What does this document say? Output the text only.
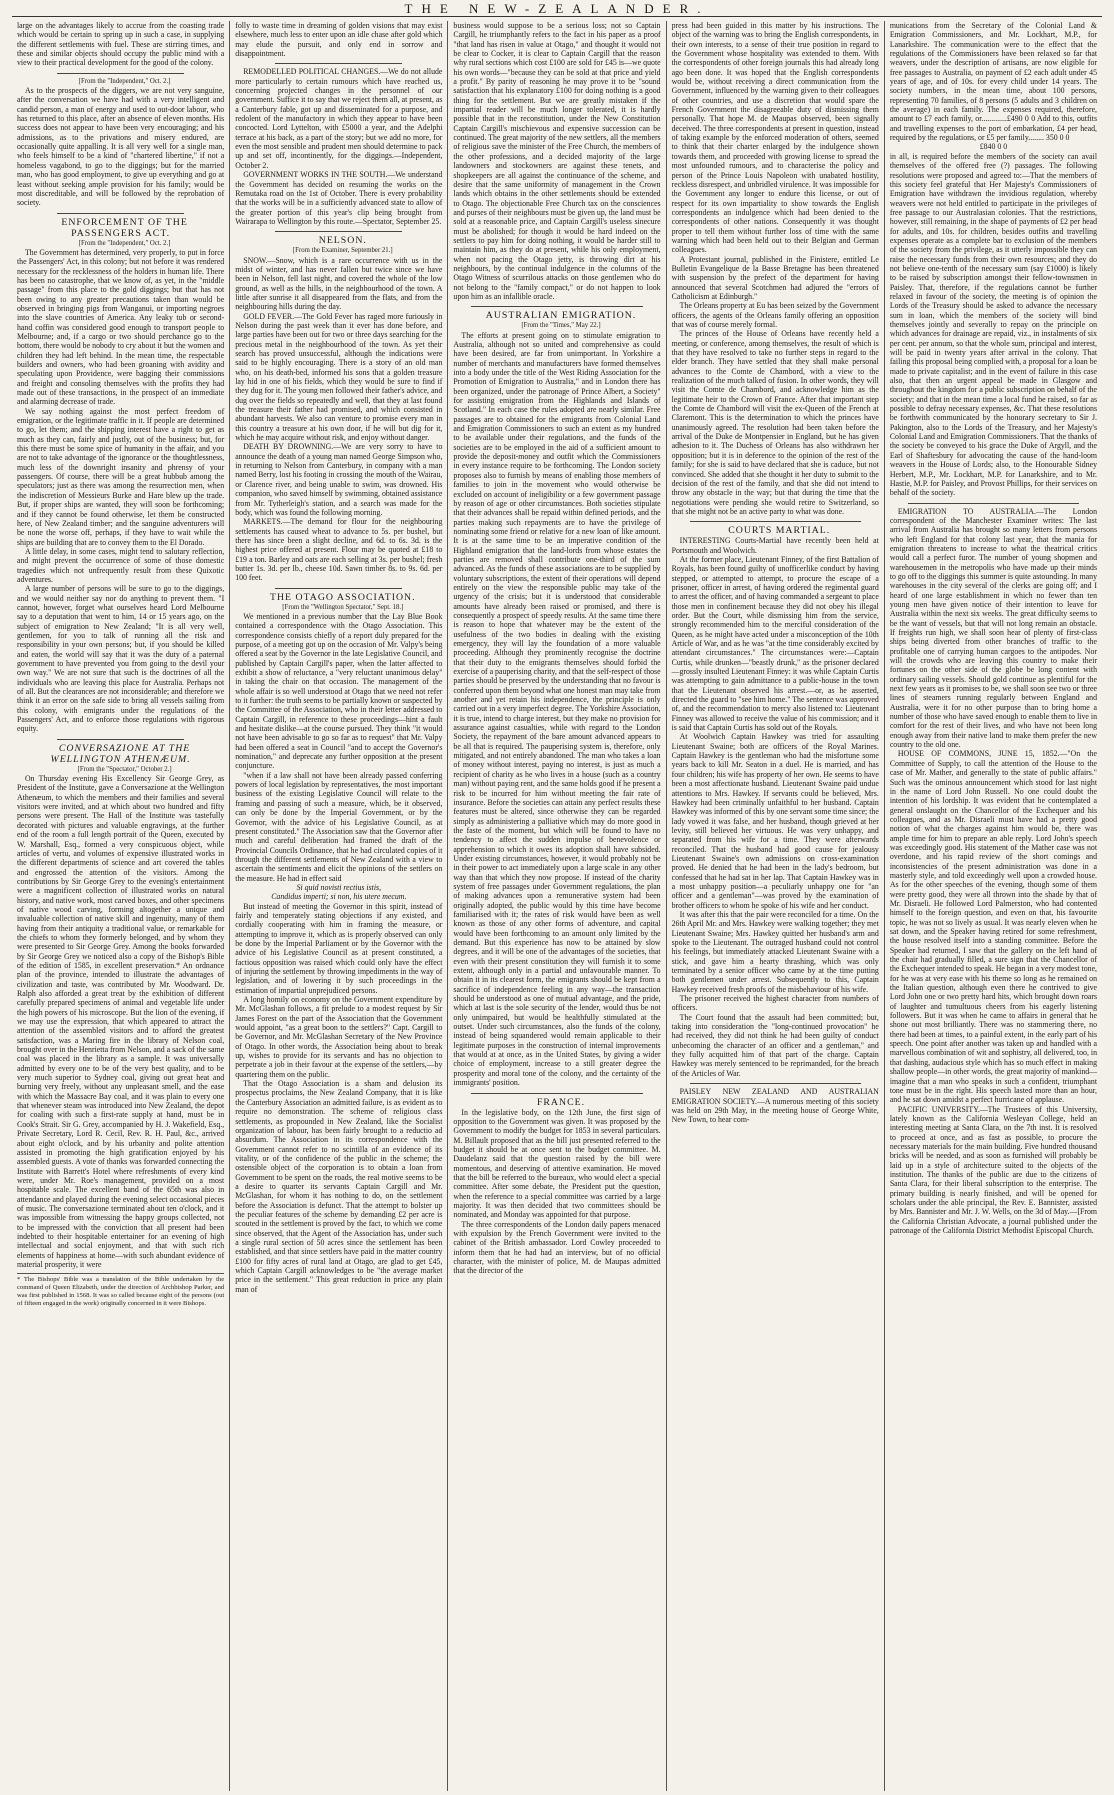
THE NEW-ZEALANDER.

large on the advantages likely to accrue from the coasting trade which would be certain to spring up in such a case, in supplying the different settlements with fuel. These are stirring times, and these and similar objects should occupy the public mind with a view to their practical development for the good of the colony.

[From the "Independent," Oct. 2.]

As to the prospects of the diggers, we are not very sanguine, after the conversation we have had with a very intelligent and candid person, a man of energy and used to out-door labour, who has returned to this place, after an absence of eleven months. His success does not appear to have been very encouraging; and his admissions, as to the privations and misery endured, are occasionally quite appalling. It is all very well for a single man, who feels himself to be a kind of "chartered libertine," if not a homeless vagabond, to go to the diggings; but for the married man, who has good employment, to give up everything and go at least without seeking ample provision for his family; would be most discreditable, and will be followed by the reprobation of society.

ENFORCEMENT OF THE PASSENGERS ACT.

[From the "Independent," Oct. 2.]

The Government has determined, very properly, to put in force the Passengers' Act, in this colony; but not before it was rendered necessary for the recklessness of the holders in human life. There has been no catastrophe, that we know of, as yet, in the "middle passage" from this place to the gold diggings; but that has not been owing to any greater precautions taken than would be observed in bringing pigs from Wanganui, or importing negroes into the slave countries of America. Any leaky tub or second-hand coffin was considered good enough to transport people to Melbourne; and, if a cargo or two should perchance go to the bottom, there would be nobody to cry about it but the women and children they had left behind. In the mean time, the respectable builders and owners, who had been groaning with avidity and speculating upon Providence, were bagging their commissions and freight and consoling themselves with the profits they had made out of these transactions, in the prospect of an immediate and alarming decrease of trade.

We say nothing against the most perfect freedom of emigration, or the legitimate traffic in it. If people are determined to go, let them; and the shipping interest have a right to get as much as they can, fairly and justly, out of the business; but, for this there must be some spice of humanity in the affair, and you are not to take advantage of the ignorance or the thoughtlessness, much less of the downright insanity and phrensy of your passengers. Of course, there will be a great hubbub among the speculators; just as there was among the resurrection men, when the indiscretion of Messieurs Burke and Hare blew up the trade. But, if proper ships are wanted, they will soon be forthcoming; and if they cannot be found otherwise, let them be constructed here, of New Zealand timber; and the sanguine adventurers will be none the worse off, perhaps, if they have to wait while the ships are building that are to convey them to the El Dorado.

A little delay, in some cases, might tend to salutary reflection, and might prevent the occurrence of some of those domestic tragedies which not unfrequently result from these Quixotic adventures.

A large number of persons will be sure to go to the diggings, and we would neither say nor do anything to prevent them. "I cannot, however, forget what ourselves heard Lord Melbourne say to a deputation that went to him, 14 or 15 years ago, on the subject of emigration to New Zealand; "It is all very well, gentlemen, for you to talk of running all the risk and responsibility in your own persons; but, if you should be killed and eaten, the world will say that it was the duty of a paternal government to have prevented you from going to the devil your own way." We are not sure that such is the doctrines of all the individuals who are leaving this place for Australia. Perhaps not of all. But the clearances are not inconsiderable; and therefore we think it an error on the safe side to bring all vessels sailing from this colony, with emigrants under the regulations of the Passengers' Act, and to enforce those regulations with rigorous equity.

CONVERSAZIONE AT THE WELLINGTON ATHENÆUM.

[From the "Spectator," October 2.]

On Thursday evening His Excellency Sir George Grey, as President of the Institute, gave a Conversazione at the Wellington Athenæum, to which the members and their families and several visitors were invited, and at which about two hundred and fifty persons were present. The Hall of the Institute was tastefully decorated with pictures and valuable engravings, at the further end of the room a full length portrait of the Queen, executed by W. Marshall, Esq., formed a very conspicuous object, while articles of vertu, and volumes of expensive illustrated works in the different departments of science and art covered the tables and engrossed the attention of the visitors. Among the contributions by Sir George Grey to the evening's entertainment were a magnificent collection of illustrated works on natural history, and native work, most carved boxes, and other specimens of native wood carving, forming altogether a unique and invaluable collection of native skill and ingenuity, many of them having from their antiquity a traditional value, or remarkable for the chiefs to whom they formerly belonged, and by whom they were presented to Sir George Grey. Among the books forwarded by Sir George Grey we noticed also a copy of the Bishop's Bible of the edition of 1585, in excellent preservation.* An ordnance plan of the province, intended to illustrate the advantages of civilization and taste, was contributed by Mr. Woodward. Dr. Ralph also afforded a great treat by the exhibition of different carefully prepared specimens of animal and vegetable life under the high powers of his microscope. But the lion of the evening, if we may use the expression, that which appeared to attract the attention of the assembled visitors and to afford the greatest satisfaction, was a Maring fire in the library of Nelson coal, brought over in the Henrietta from Nelson, and a sack of the same coal was placed in the library as a sample. It was universally admitted by every one to be of the very best quality, and to be very much superior to Sydney coal, giving out great heat and burning very freely, without any unpleasant smell, and the ease with which the Massacre Bay coal, and it was plain to every one that whenever steam was introduced into New Zealand, the depot for coaling with such a first-rate supply at hand, must be in Cook's Strait. Sir G. Grey, accompanied by H. J. Wakefield, Esq., Private Secretary, Lord R. Cecil, Rev. R. H. Paul, &c., arrived about eight o'clock, and by his urbanity and polite attention assisted in promoting the high gratification enjoyed by his assembled guests. A vote of thanks was forwarded connecting the Institute with Barrett's Hotel where refreshments of every kind were, under Mr. Roe's management, provided on a most hospitable scale. The excellent band of the 65th was also in attendance and played during the evening select occasional pieces of music. The conversazione terminated about ten o'clock, and it was impossible from witnessing the happy groups collected, not to be impressed with the conviction that all present had been indebted to their hospitable entertainer for an evening of high intellectual and social enjoyment, and that with such rich elements of happiness at home—with such abundant evidence of material prosperity, it were

* The Bishops' Bible was a translation of the Bible undertaken by the command of Queen Elizabeth, under the direction of Archbishop Parker, and was first published in 1568. It was so called because eight of the persons (out of fifteen engaged in the work) originally concerned in it were Bishops.

folly to waste time in dreaming of golden visions that may exist elsewhere, much less to enter upon an idle chase after gold which may elude the pursuit, and only end in sorrow and disappointment.

REMODELLED POLITICAL CHANGES.—We do not allude more particularly to certain rumours which have reached us, concerning projected changes in the personnel of our government. Suffice it to say that we reject them all, at present, as a Canterbury fable, got up and disseminated for a purpose, and redolent of the manufactory in which they appear to have been concocted. Lord Lyttelton, with £5000 a year, and the Adelphi terrace at his back, as a part of the story; but we add no more, for even the most sensible and prudent men should determine to pack up and set off, incontinently, for the diggings.—Independent, October 2.

GOVERNMENT WORKS IN THE SOUTH.—We understand the Government has decided on resuming the works on the Remutaka road on the 1st of October. There is every probability that the works will be in a sufficiently advanced state to allow of the greater portion of this year's clip being brought from Wairarapa to Wellington by this route.—Spectator, September 25.

NELSON.

[From the Examiner, September 21.]

SNOW.—Snow, which is a rare occurrence with us in the midst of winter, and has never fallen but twice since we have been in Nelson, fell last night, and covered the whole of the low ground, as well as the hills, in the neighbourhood of the town. A little after sunrise it all disappeared from the flats, and from the neighbouring hills during the day.

GOLD FEVER.—The Gold Fever has raged more furiously in Nelson during the past week than it ever has done before, and large parties have been out for two or three days searching for the precious metal in the neighbourhood of the town. As yet their search has proved unsuccessful, although the indications were said to be highly encouraging. There is a story of an old man who, on his death-bed, informed his sons that a golden treasure lay hid in one of his fields, which they would be sure to find if they dug for it. The young men followed their father's advice, and dug over the fields so repeatedly and well, that they at last found the treasure their father had promised, and which consisted in abundant harvests. We also can venture to promise every man in this country a treasure at his own door, if he will but dig for it, which he may acquire without risk, and enjoy without danger.

DEATH BY DROWNING.—We are very sorry to have to announce the death of a young man named George Simpson who, in returning to Nelson from Canterbury, in company with a man named Berry, lost his footing in crossing the mouth of the Wairau, or Clarence river, and being unable to swim, was drowned. His companion, who saved himself by swimming, obtained assistance from Mr. Tytherleigh's station, and a search was made for the body, which was found the following morning.

MARKETS.—The demand for flour for the neighbouring settlements has caused wheat to advance to 5s. per bushel, but there has since been a slight decline, and 6d. to 6s. 3d. is the highest price offered at present. Flour may be quoted at £18 to £19 a ton. Barley and oats are each selling at 3s. per bushel; fresh butter 1s. 3d. per lb., cheese 10d. Sawn timber 8s. to 9s. 6d. per 100 feet.

THE OTAGO ASSOCIATION.

[From the "Wellington Spectator," Sept. 18.]

We mentioned in a previous number that the Lay Blue Book contained a correspondence with the Otago Association. This correspondence consists chiefly of a report duly prepared for the purpose, of a meeting got up on the occasion of Mr. Valpy's being offered a seat by the Governor in the late Legislative Council, and published by Captain Cargill's paper, when the latter affected to exhibit a show of reluctance, a "very reluctant unanimous delay" in taking the chair on that occasion. The management of the whole affair is so well understood at Otago that we need not refer to it further: the truth seems to be partially known or suspected by the Committee of the Association, who in their letter addressed to Captain Cargill, in reference to these proceedings—hint a fault and hesitate dislike—at the course pursued. They think "it would not have been advisable to go so far as to request" that Mr. Valpy had been offered a seat in Council "and to accept the Governor's nomination," and deprecate any further opposition at the present conjuncture.

"when if a law shall not have been already passed conferring powers of local legislation by representatives, the most important business of the existing Legislative Council will relate to the framing and passing of such a measure, which, be it observed, can only be done by the Imperial Government, or by the Governor, with the advice of his Legislative Council, as at present constituted." The Association saw that the Governor after much and careful deliberation had framed the draft of the Provincial Councils Ordinance, that he had circulated copies of it through the different settlements of New Zealand with a view to ascertain the sentiments and elicit the opinions of the settlers on the measure. He had in effect said

Si quid novisti rectius istis,

Candidus imperti; si non, his utere mecum.

But instead of meeting the Governor in this spirit, instead of fairly and temperately stating objections if any existed, and cordially cooperating with him in framing the measure, or attempting to improve it, which as is properly observed can only be done by the Imperial Parliament or by the Governor with the advice of his Legislative Council as at present constituted, a factious opposition was raised which could only have the effect of injuring the settlement by throwing impediments in the way of legislation, and of lowering it by such proceedings in the estimation of impartial unprejudiced persons.

A long homily on economy on the Government expenditure by Mr. McGlashan follows, a fit prelude to a modest request by Sir James Forest on the part of the Association that the Government would appoint, "as a great boon to the settlers?" Capt. Cargill to be Governor, and Mr. McGlashan Secretary of the New Province of Otago. In other words, the Association being about to break up, wishes to provide for its servants and has no objection to perpetrate a job in their favour at the expense of the settlers,—by quartering them on the public.

That the Otago Association is a sham and delusion its prospectus proclaims, the New Zealand Company, that it is like the Canterbury Association an admitted failure, is as evident as to require no demonstration. The scheme of religious class settlements, as propounded in New Zealand, like the Socialist organization of labour, has been fairly brought to a reductio ad absurdum. The Association in its correspondence with the Government cannot refer to no scintilla of an evidence of its vitality, or of the confidence of the public in the scheme; the ostensible object of the corporation is to obtain a loan from Government to be spent on the roads, the real motive seems to be a desire to quarter its servants Captain Cargill and Mr. McGlashan, for whom it has nothing to do, on the settlement before the Association is defunct. That the attempt to bolster up the peculiar features of the scheme by demanding £2 per acre is scouted in the settlement is proved by the fact, to which we come since observed, that the Agent of the Association has, under such a single rural section of 50 acres since the settlement has been established, and that since settlers have paid in the matter country £100 for fifty acres of rural land at Otago, are glad to get £45, which Captain Cargill acknowledges to be "the average market price in the settlement." This great reduction in price any plain man of

business would suppose to be a serious loss; not so Captain Cargill, he triumphantly refers to the fact in his paper as a proof "that land has risen in value at Otago," and thought it would not be clear to Cocker, it is clear to Captain Cargill that the reason why rural sections which cost £100 are sold for £45 is—we quote his own words—"because they can be sold at that price and yield a profit." By parity of reasoning he may prove it to be "sound satisfaction that his explanatory £100 for doing nothing is a good thing for the settlement. But we are greatly mistaken if the impartial reader will be much longer tolerated, it is hardly possible that in the reconstitution, under the New Constitution Captain Cargill's mischievous and expensive succession can be continued. The great majority of the new settlers, all the members of religious save the minister of the Free Church, the members of the other professions, and a decided majority of the large landowners and stockowners are against these tenets, and shopkeepers are all against the continuance of the scheme, and desire that the same uniformity of management in the Crown lands which obtains in the other settlements should be extended to Otago. The objectionable Free Church tax on the consciences and purses of their neighbours must be given up, the land must be sold at a reasonable price, and Captain Cargill's useless sinecure must be abolished; for though it would be hard indeed on the settlers to pay him for doing nothing, it would be harder still to maintain him, as they do at present, while his only employment, when not pacing the Otago jetty, is throwing dirt at his neighbours, by the continual indulgence in the columns of the Otago Witness of scurrilous attacks on those gentlemen who do not belong to the "family compact," or do not happen to look upon him as an infallible oracle.

AUSTRALIAN EMIGRATION.

[From the "Times," May 22.]

The efforts at present going on to stimulate emigration to Australia, although not so united and comprehensive as could have been desired, are far from unimportant. In Yorkshire a number of merchants and manufacturers have formed themselves into a body under the title of the West Riding Association for the Promotion of Emigration to Australia," and in London there has been organized, under the patronage of Prince Albert, a Society" for assisting emigration from the Highlands and Islands of Scotland." In each case the rules adopted are nearly similar. Free passages are to obtained for the emigrants from Colonial Land and Emigration Commissioners to such an extent as my hundred to be available under their regulations, and the funds of the societies are to be employed in the aid of a sufficient amount to provide the deposit-money and outfit which the Commissioners in every instance require to be forthcoming. The London society proposes also to furnish by means of enabling those members of families to join in the movement who would otherwise be excluded on account of ineligibility or a few government passage by reason of age or other circumstances. Both societies stipulate that their advances shall be repaid within defined periods, and the parties making such repayments are to have the privilege of nominating some friend or relative for a new loan of like amount. It is at the same time to be an imperative condition of the Highland emigration that the land-lords from whose estates the parties are removed shall contribute one-third of the sum advanced. As the funds of these associations are to be supplied by voluntary subscriptions, the extent of their operations will depend entirely on the view the responsible public may take of the urgency of the crisis; but it is understood that considerable amounts have already been raised or promised, and there is consequently a prospect of speedy results. At the same time there is reason to hope that whatever may be the extent of the usefulness of the two bodies in dealing with the existing emergency, they will lay the foundation of a more valuable proceeding. Although they prominently recognise the doctrine that their duty to the emigrants themselves should forbid the exercise of a pauperising charity, and that the self-respect of those parties should be preserved by the understanding that no favour is conferred upon them beyond what one honest man may take from another and yet retain his independence, the principle is only carried out in a very imperfect degree. The Yorkshire Association, it is true, intend to charge interest, but they make no provision for assurance against casualties, while with regard to the London Society, the repayment of the bare amount advanced appears to be all that is required. The pauperising system is, therefore, only mitigated, and not entirely abandoned. The man who takes a loan of money without interest, paying no interest, is just as much a recipient of charity as he who lives in a house (such as a country man) without paying rent, and the same holds good if he present a risk to be incurred for him without meeting the fair rate of insurance. Before the societies can attain any perfect results these features must be altered, since otherwise they can be regarded simply as administering a palliative which may do more good in the faste of the moment, but which will be found to have no tendency to affect the sudden impulse of benevolence or apprehension to which it owes its adoption shall have subsided. Under existing circumstances, however, it would probably not be in their power to act immediately upon a large scale in any other way than that which they now propose. If instead of the charity system of free passages under Government regulations, the plan of making advances upon a remunerative system had been originally adopted, the public would by this time have become familiarised with it; the rates of risk would have been as well known as those of any other forms of adventure, and capital would have been forthcoming to an amount only limited by the demand. But this experience has now to be attained by slow degrees, and it will be one of the advantages of the societies, that even with their present constitution they will furnish it to some extent, although only in a partial and unfavourable manner. To obtain it in its clearest form, the emigrants should be kept from a sacrifice of independence feeling in any way—the transaction should be understood as one of mutual advantage, and the pride, which at last is the sole security of the lender, would thus be not only unimpaired, but would be healthfully stimulated at the outset. Under such circumstances, also the funds of the colony, instead of being squandered would remain applicable to their legitimate purposes in the construction of internal improvements that would at at once, as in the United States, by giving a wider choice of employment, increase to a still greater degree the prosperity and moral tone of the colony, and the certainty of the immigrants' position.

FRANCE.

In the legislative body, on the 12th June, the first sign of opposition to the Government was given. It was proposed by the Government to modify the budget for 1853 in several particulars. M. Billault proposed that as the bill just presented referred to the budget it should be at once sent to the budget committee. M. Daudelanz said that the question raised by the bill were momentous, and deserving of attentive examination. He moved that the bill be referred to the bureaux, who would elect a special committee. After some debate, the President put the question, when the reference to a special committee was carried by a large majority. It was then decided that two committees should be nominated, and Monday was appointed for that purpose.

The three correspondents of the London daily papers menaced with expulsion by the French Government were invited to the cabinet of the British ambassador. Lord Cowley proceeded to inform them that he had had an interview, but of no official character, with the minister of police, M. de Maupas admitted that the director of the

press had been guided in this matter by his instructions. The object of the warning was to bring the English correspondents, in their own interests, to a sense of their true position in regard to the Government whose hospitality was extended to them. With the correspondents of other foreign journals this had already long ago been done. It was hoped that the English correspondents would be, without receiving a direct communication from the Government, influenced by the warning given to their colleagues of other countries, and use a discretion that would spare the French Government the disagreeable duty of dismissing them personally. That hope M. de Maupas observed, been signally deceived. The three correspondents at present in question, instead of taking example by the enforced moderation of others, seemed to think that their charter enlarged by the indulgence shown towards them, and proceeded with growing license to spread the most unfounded rumours, and to characterise the policy and person of the Prince Louis Napoleon with unabated hostility, reckless disrespect, and unbridled virulence. It was impossible for the Government any longer to endure this license, or out of respect for its own impartiality to show towards the English correspondents an indulgence which had been denied to the correspondents of other nations. Consequently it was thought proper to tell them without further loss of time with the same warning which had been held out to their Belgian and German colleagues.

A Protestant journal, published in the Finistere, entitled Le Bulletin Evangelique de la Basse Bretagne has been threatened with suspension by the prefect of the department for having announced that several Scotchmen had adjured the "errors of Catholicism at Edinburgh."

The Orleans property at Eu has been seized by the Government officers, the agents of the Orleans family offering an opposition that was of course merely formal.

The princes of the House of Orleans have recently held a meeting, or conference, among themselves, the result of which is that they have resolved to take no further steps in regard to the elder branch. They have settled that they shall make personal advances to the Comte de Chambord, with a view to the realization of the much talked of fusion. In other words, they will visit the Comte de Chambord, and acknowledge him as the legitimate heir to the Crown of France. After that important step the Comte de Chambord will visit the ex-Queen of the French at Claremont. This is the determination to which the princes have unanimously agreed. The resolution had been taken before the arrival of the Duke de Montpensier in England, but he has given adhesion to it. The Duchess of Orleans has also withdrawn her opposition; but it is in deference to the opinion of the rest of the family; for she is said to have declared that she is caduce, but not convinced. She added that she thought it her duty to submit to the decision of the rest of the family, and that she did not intend to throw any obstacle in the way; but that during the time that the negotiations were pending she would retire to Switzerland, so that she might not be an active party to what was done.

COURTS MARTIAL.

INTERESTING Courts-Martial have recently been held at Portsmouth and Woolwich.

At the former place, Lieutenant Finney, of the first Battalion of Royals, has been found guilty of unofficerlike conduct by having stepped, or attempted to attempt, to procure the escape of a prisoner, officer in arrest, of having ordered the regimental guard to arrest the officer, and of having commanded a sergeant to place those men in confinement because they did not obey his illegal order. But the Court, while dismissing him from the service, strongly recommended him to the merciful consideration of the Queen, as he might have acted under a misconception of the 10th Article of War, and as he was "at the time considerably excited by attendant circumstances." The circumstances were:—Captain Curtis, while drunken—"beastly drunk," as the prisoner declared—grossly insulted Lieutenant Finney: it was while Captain Curtis was attempting to gain admittance to a public-house in the town that the Lieutenant observed his arrest.—or, as he asserted, directed the guard to "see him home." The sentence was approved of, and the recommendation to mercy also listened to: Lieutenant Finney was allowed to receive the value of his commission; and it is said that Captain Curtis has sold out of the Royals.

At Woolwich Captain Hawkey was tried for assaulting Lieutenant Swaine; both are officers of the Royal Marines. Captain Hawkey is the gentleman who had the misfortune some years back to kill Mr. Seaton in a duel. He is married, and has four children; his wife has property of her own. He seems to have been a most affectionate husband. Lieutenant Swaine paid undue attentions to Mrs. Hawkey. If servants could be believed, Mrs. Hawkey had been criminally unfaithful to her husband. Captain Hawkey was informed of this by one servant some time since; the lady vowed it was false, and her husband, though grieved at her levity, still believed her virtuous. He was very unhappy, and separated from his wife for a time. They were afterwards reconciled. That the husband had good cause for jealousy Lieutenant Swaine's own admissions on cross-examination proved. He denied that he had been in the lady's bedroom, but confessed that he had sat in her lap. That Captain Hawkey was in a most unhappy position—a peculiarly unhappy one for "an officer and a gentleman"—was proved by the examination of brother officers to whom he spoke of his wife and her conduct.

It was after this that the pair were reconciled for a time. On the 26th April Mr. and Mrs. Hawkey were walking together; they met Lieutenant Swaine; Mrs. Hawkey quitted her husband's arm and spoke to the Lieutenant. The outraged husband could not control his feelings, but immediately attacked Lieutenant Swaine with a stick, and gave him a hearty thrashing, which was only terminated by a senior officer who came by at the time putting both gentlemen under arrest. Subsequently to this, Captain Hawkey received fresh proofs of the misbehaviour of his wife.

The prisoner received the highest character from numbers of officers.

The Court found that the assault had been committed; but, taking into consideration the "long-continued provocation" he had received, they did not think he had been guilty of conduct unbecoming the character of an officer and a gentleman," and they fully acquitted him of that part of the charge. Captain Hawkey was merely sentenced to be reprimanded, for the breach of the Articles of War.

PAISLEY NEW ZEALAND AND AUSTRALIAN EMIGRATION SOCIETY.—A numerous meeting of this society was held on 29th May, in the meeting house of George White, New Town, to hear com-

munications from the Secretary of the Colonial Land & Emigration Commissioners, and Mr. Lockhart, M.P., for Lanarkshire. The communication were to the effect that the regulations of the Commissioners have been relaxed so far that weavers, under the description of artisans, are now eligible for free passages to Australia, on payment of £2 each adult under 45 years of age, and of 10s. for every child under 14 years. The society numbers, in the mean time, about 100 persons, representing 70 families, of 8 persons (5 adults and 3 children on the average) in each family. The expenses required, therefore, amount to £7 each family, or.............£490 0 0 Add to this, outfits and travelling expenses to the port of embarkation, £4 per head, required by the regulations, or £5 per family........ 350 0 0

£840 0 0

in all, is required before the members of the society can avail themselves of the offered free (?) passages. The following resolutions were proposed and agreed to:—That the members of this society feel grateful that Her Majesty's Commissioners of Emigration have withdrawn the invidious regulation, whereby weavers were not held entitled to participate in the privileges of free passage to our Australasian colonies. That the restrictions, however, still remaining, in the shape of payments of £2 per head for adults, and 10s. for children, besides outfits and travelling expenses operate as a complete bar to exclusion of the members of the society from the privilege, as it utterly impossible they can raise the necessary funds from their own resources; and they do not believe one-tenth of the necessary sum (say £1000) is likely to be raised by subscription amongst their fellow-townsmen in Paisley. That, therefore, if the regulations cannot be further relaxed in favour of the society, the meeting is of opinion the Lords of the Treasury should be asked to advance the necessary sum in loan, which the members of the society will bind themselves jointly and severally to repay on the principle on which advances for drainage are repaid, viz., in instalments of six per cent. per annum, so that the whole sum, principal and interest, will be paid in twenty years after arrival in the colony. That failing this proposal being complied with, a proposal for a loan be made to private capitalist; and in the event of failure in this case also, that then an urgent appeal be made in Glasgow and throughout the kingdom for a public subscription on behalf of the society; and that in the mean time a local fund be raised, so far as possible to defray necessary expenses, &c. That these resolutions be forthwith communicated by the honorary secretary to Sir J. Pakington, also to the Lords of the Treasury, and her Majesty's Colonial Land and Emigration Commissioners. That the thanks of the society be conveyed to his grace the Duke of Argyll, and the Earl of Shaftesbury for advocating the cause of the hand-loom weavers in the House of Lords; also, to the Honourable Sidney Herbert, M.P., Mr. Lockhart, M.P. for Lanarkshire, and to Mr. Hastie, M.P. for Paisley, and Provost Phillips, for their services on behalf of the society.

EMIGRATION TO AUSTRALIA.—The London correspondent of the Manchester Examiner writes: The last arrival from Australia has brought so many letters from persons who left England for that colony last year, that the mania for emigration threatens to increase to what the theatrical critics would call a perfect furor. The number of young shopmen and warehousemen in the metropolis who have made up their minds to go off to the diggings this summer is quite astounding. In many warehouses in the city several of the clerks are going off; and I heard of one large establishment in which no fewer than ten young men have given notice of their intention to leave for Australia within the next six weeks. The great difficulty seems to be the want of vessels, but that will not long remain an obstacle. If freights run high, we shall soon hear of plenty of first-class ships being diverted from other branches of traffic to the profitable one of carrying human cargoes to the antipodes. Nor will the crowds who are leaving this country to make their fortunes on the other side of the globe be long content with ordinary sailing vessels. Should gold continue as plentiful for the next few years as it promises to be, we shall soon see two or three lines of steamers running regularly between England and Australia, were it for no other purpose than to bring home a number of those who have saved enough to enable them to live in comfort for the rest of their lives, and who have not been long enough away from their native land to make them prefer the new country to the old one.

HOUSE OF COMMONS, JUNE 15, 1852.—"On the Committee of Supply, to call the attention of the House to the case of Mr. Mather, and generally to the state of public affairs." Such was the ominous announcement which stood for last night in the name of Lord John Russell. No one could doubt the intention of his lordship. It was evident that he contemplated a general onslaught on the Chancellor of the Exchequer and his colleagues, and as Mr. Disraeli must have had a pretty good notion of what the charges against him would be, there was ample time for him to prepare an able reply. Lord John's speech was exceedingly good. His statement of the Mather case was not overdone, and his rapid review of the short comings and inconsistencies of the present administration was done in a masterly style, and told exceedingly well upon a crowded house. As for the other speeches of the evening, though some of them were pretty good, they were all thrown into the shade by that of Mr. Disraeli. He followed Lord Palmerston, who had contented himself to the foreign question, and even on that, his favourite topic, he was not so lively as usual. It was nearly eleven when he sat down, and the Speaker having retired for some refreshment, the house resolved itself into a standing committee. Before the Speaker had returned, I saw that the gallery on the left hand of the chair had gradually filled, a sure sign that the Chancellor of the Exchequer intended to speak. He began in a very modest tone, for he was at very ease with his theme so long as he remained on the Italian question, although even there he contrived to give Lord John one or two pretty hard hits, which brought down roars of laughter and tumultuous cheers from his eagerly listening followers. But it was when he came to affairs in general that he shone out most brilliantly. There was no stammering there, no there had been at times, to a painful extent, in the early part of his speech. One point after another was taken up and handled with a marvellous combination of wit and sophistry, all delivered, too, in that dashing, audacious style which has so much effect in making shallow people—in other words, the great majority of mankind—imagine that a man who speaks in such a confident, triumphant tone must be in the right. His speech lasted more than an hour, and he sat down amidst a perfect hurricane of applause.

PACIFIC UNIVERSITY.—The Trustees of this University, lately known as the California Wesleyan College, held an interesting meeting at Santa Clara, on the 7th inst. It is resolved to proceed at once, and as fast as possible, to procure the necessary materials for the main building. Five hundred thousand bricks will be needed, and as soon as furnished will probably be laid up in a style of architecture suited to the objects of the institution. The thanks of the public are due to the citizens of Santa Clara, for their liberal subscription to the enterprise. The primary building is nearly finished, and will be opened for scholars under the able principal, the Rev. E. Bannister, assisted by Mrs. Bannister and Mr. J. W. Wells, on the 3d of May.—[From the California Christian Advocate, a journal published under the patronage of the California District Methodist Episcopal Church.
